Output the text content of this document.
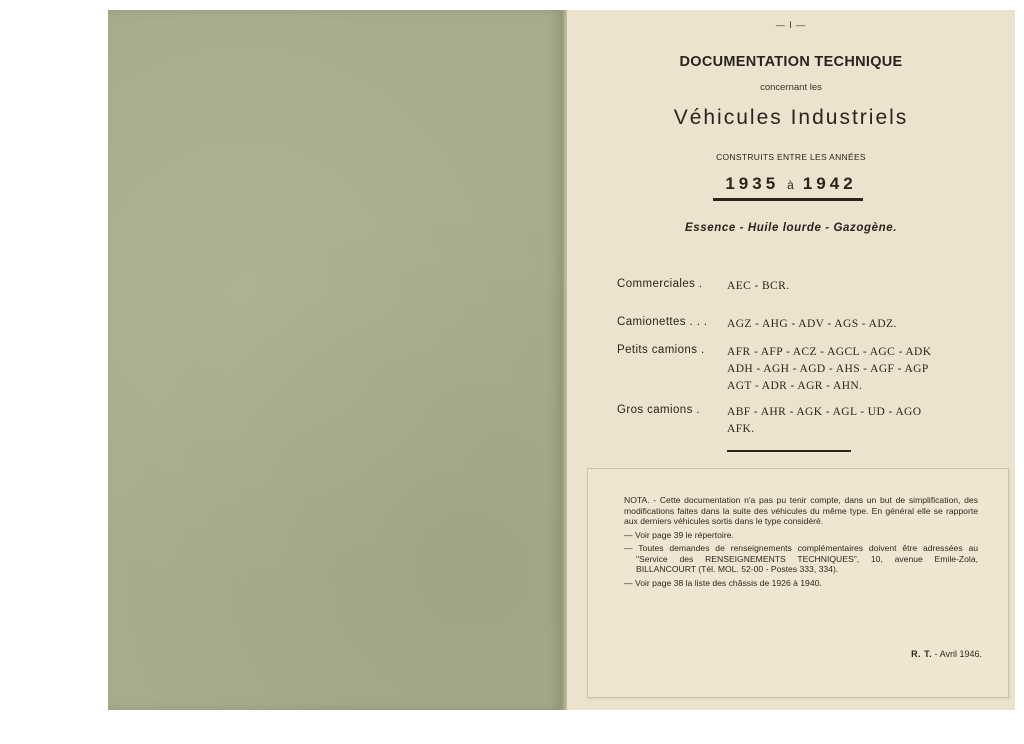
— I —
DOCUMENTATION TECHNIQUE
concernant les
Véhicules Industriels
CONSTRUITS ENTRE LES ANNÉES
1935 à 1942
Essence - Huile lourde - Gazogène.
Commerciales .	AEC - BCR.
Camionettes . . .	AGZ - AHG - ADV - AGS - ADZ.
Petits camions .	AFR - AFP - ACZ - AGCL - AGC - ADK
ADH - AGH - AGD - AHS - AGF - AGP
AGT - ADR - AGR - AHN.
Gros camions .	ABF - AHR - AGK - AGL - UD - AGO
AFK.

NOTA. - Cette documentation n'a pas pu tenir compte, dans un but de simplification, des modifications faites dans la suite des véhicules du même type. En général elle se rapporte aux derniers véhicules sortis dans le type considéré.

— Voir page 39 le répertoire.

— Toutes demandes de renseignements complémentaires doivent être adressées au "Service des RENSEIGNEMENTS TECHNIQUES", 10, avenue Emile-Zola, BILLANCOURT (Tél. MOL. 52-00 - Postes 333, 334).

— Voir page 38 la liste des châssis de 1926 à 1940.

R. T. - Avril 1946.
